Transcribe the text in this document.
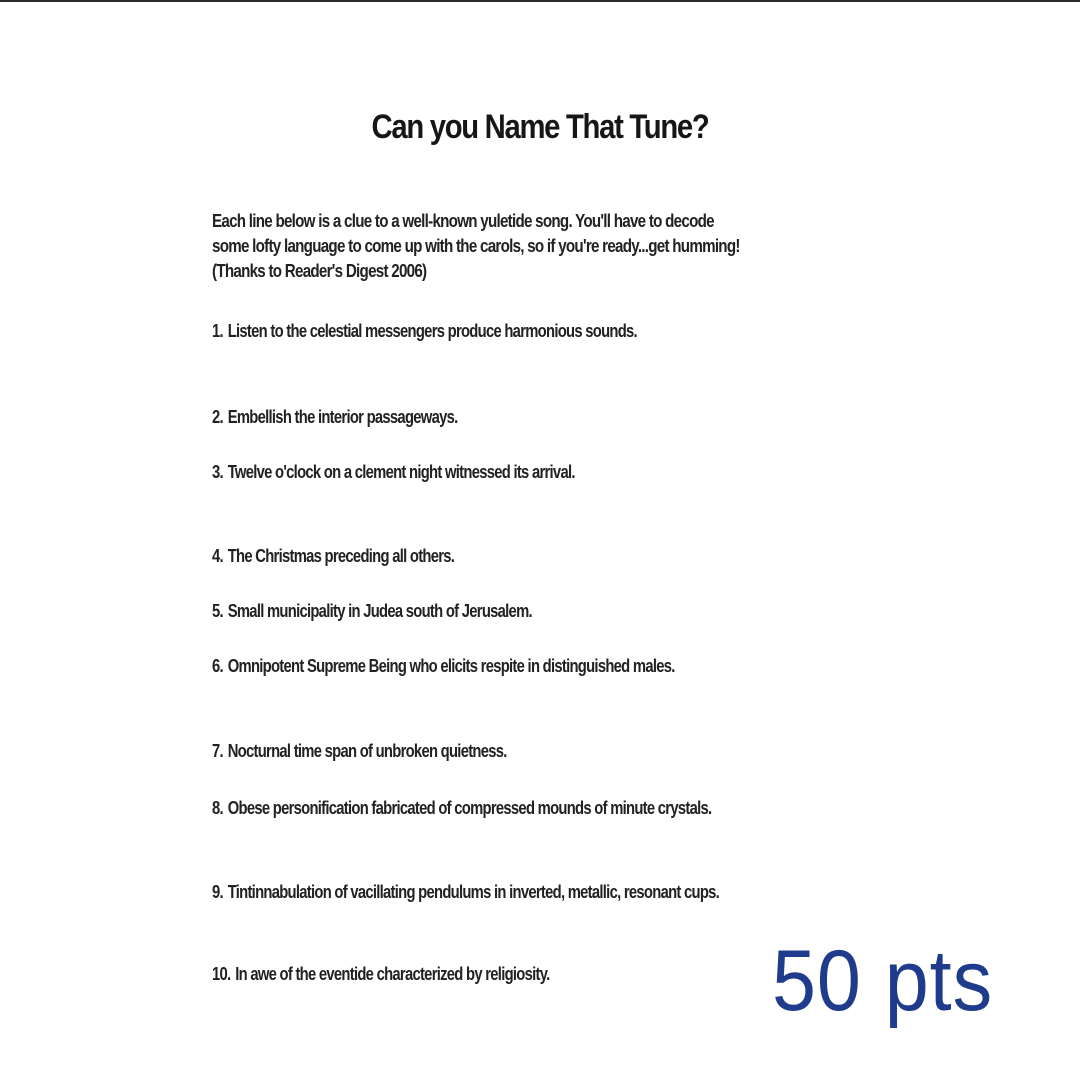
Can you Name That Tune?
Each line below is a clue to a well-known yuletide song. You'll have to decode
some lofty language to come up with the carols, so if you're ready...get humming!
(Thanks to Reader's Digest 2006)
1. Listen to the celestial messengers produce harmonious sounds.
2. Embellish the interior passageways.
3. Twelve o'clock on a clement night witnessed its arrival.
4. The Christmas preceding all others.
5. Small municipality in Judea south of Jerusalem.
6. Omnipotent Supreme Being who elicits respite in distinguished males.
7. Nocturnal time span of unbroken quietness.
8. Obese personification fabricated of compressed mounds of minute crystals.
9. Tintinnabulation of vacillating pendulums in inverted, metallic, resonant cups.
10. In awe of the eventide characterized by religiosity.	50 pts
